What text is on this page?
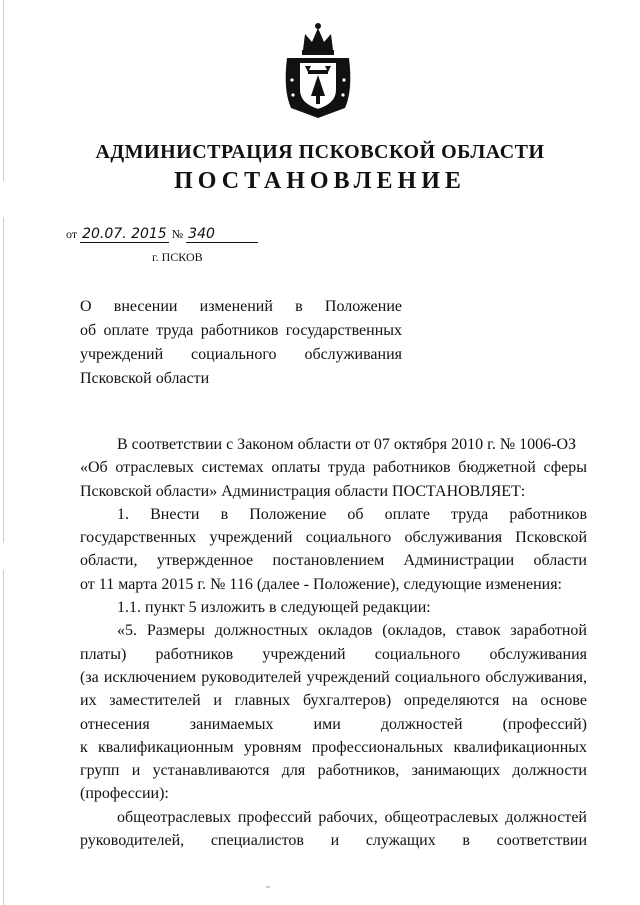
АДМИНИСТРАЦИЯ ПСКОВСКОЙ ОБЛАСТИ
ПОСТАНОВЛЕНИЕ
от 20.07. 2015 № 340
г. ПСКОВ

О внесении изменений в Положение

об оплате труда работников государственных

учреждений социального обслуживания

Псковской области

В соответствии с Законом области от 07 октября 2010 г. № 1006-ОЗ

«Об отраслевых системах оплаты труда работников бюджетной сферы

Псковской области» Администрация области ПОСТАНОВЛЯЕТ:

1. Внести в Положение об оплате труда работников

государственных учреждений социального обслуживания Псковской

области, утвержденное постановлением Администрации области

от 11 марта 2015 г. № 116 (далее - Положение), следующие изменения:

1.1. пункт 5 изложить в следующей редакции:

«5. Размеры должностных окладов (окладов, ставок заработной

платы) работников учреждений социального обслуживания

(за исключением руководителей учреждений социального обслуживания,

их заместителей и главных бухгалтеров) определяются на основе

отнесения занимаемых ими должностей (профессий)

к квалификационным уровням профессиональных квалификационных

групп и устанавливаются для работников, занимающих должности

(профессии):

общеотраслевых профессий рабочих, общеотраслевых должностей

руководителей, специалистов и служащих в соответствии
